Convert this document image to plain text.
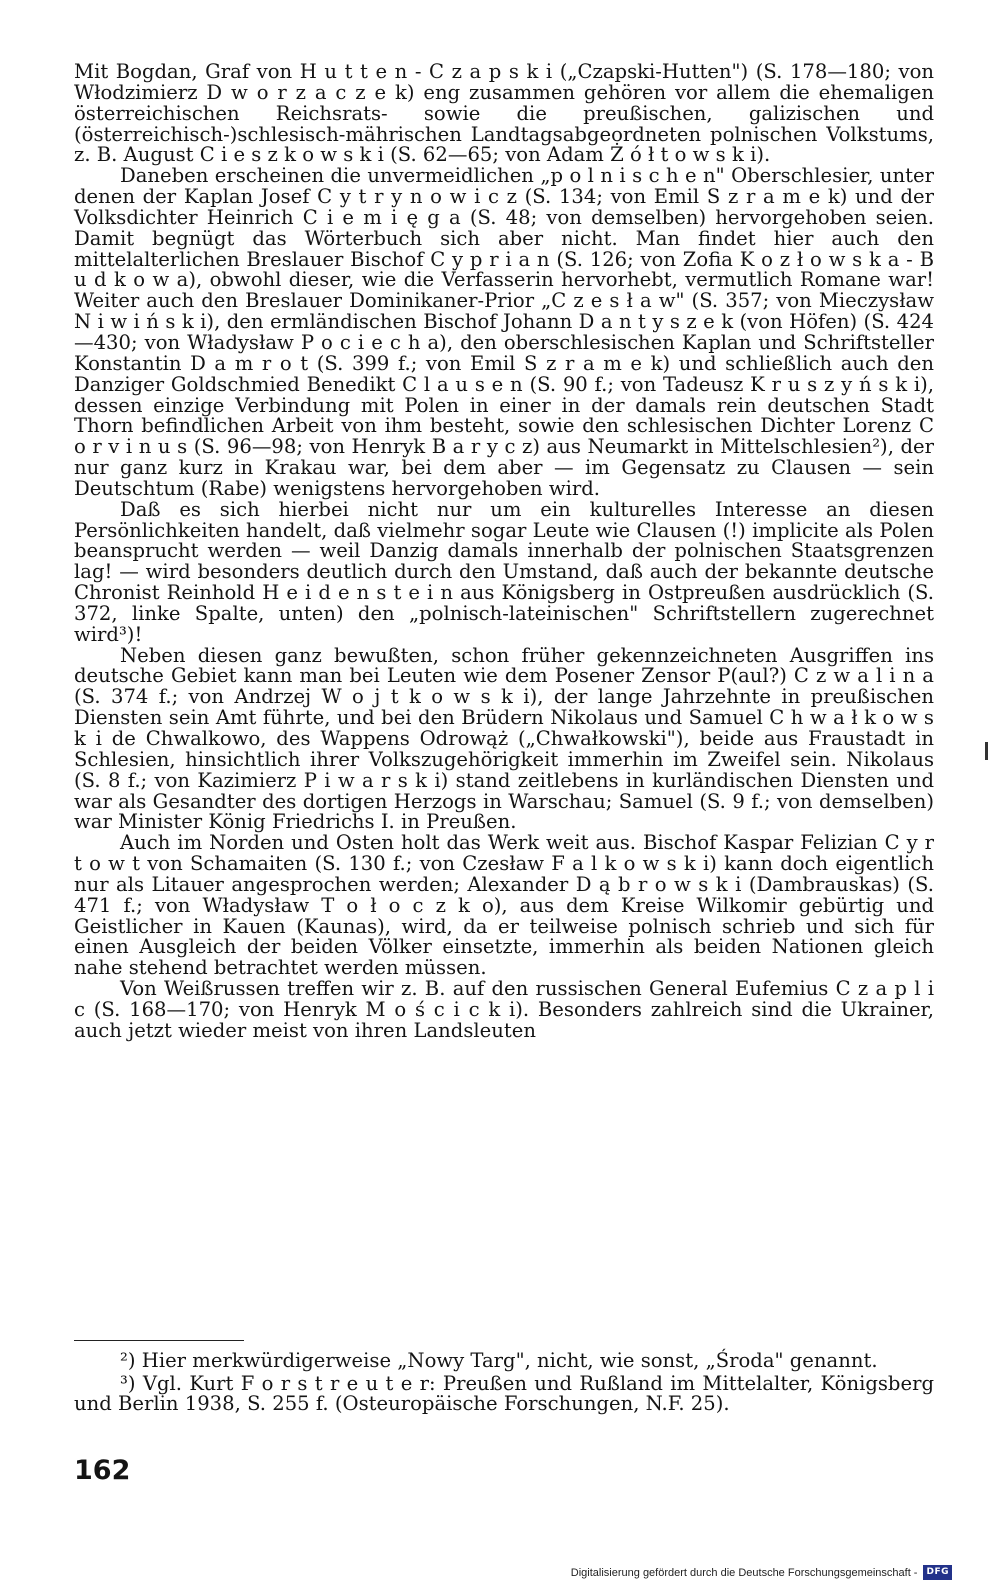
Mit Bogdan, Graf von H u t t e n - C z a p s k i („Czapski-Hutten") (S. 178—180; von Włodzimierz D w o r z a c z e k) eng zusammen gehören vor allem die ehemaligen österreichischen Reichsrats- sowie die preußischen, galizischen und (österreichisch-)schlesisch-mährischen Landtagsabgeordneten polnischen Volkstums, z. B. August C i e s z k o w s k i (S. 62—65; von Adam Ż ó ł t o w s k i).

Daneben erscheinen die unvermeidlichen „p o l n i s c h e n" Oberschlesier, unter denen der Kaplan Josef C y t r y n o w i c z (S. 134; von Emil S z r a m e k) und der Volksdichter Heinrich C i e m i ę g a (S. 48; von demselben) hervorgehoben seien. Damit begnügt das Wörterbuch sich aber nicht. Man findet hier auch den mittelalterlichen Breslauer Bischof C y p r i a n (S. 126; von Zofia K o z ł o w s k a - B u d k o w a), obwohl dieser, wie die Verfasserin hervorhebt, vermutlich Romane war! Weiter auch den Breslauer Dominikaner-Prior „C z e s ł a w" (S. 357; von Mieczysław N i w i ń s k i), den ermländischen Bischof Johann D a n t y s z e k (von Höfen) (S. 424—430; von Władysław P o c i e c h a), den oberschlesischen Kaplan und Schriftsteller Konstantin D a m r o t (S. 399 f.; von Emil S z r a m e k) und schließlich auch den Danziger Goldschmied Benedikt C l a u s e n (S. 90 f.; von Tadeusz K r u s z y ń s k i), dessen einzige Verbindung mit Polen in einer in der damals rein deutschen Stadt Thorn befindlichen Arbeit von ihm besteht, sowie den schlesischen Dichter Lorenz C o r v i n u s (S. 96—98; von Henryk B a r y c z) aus Neumarkt in Mittelschlesien²), der nur ganz kurz in Krakau war, bei dem aber — im Gegensatz zu Clausen — sein Deutschtum (Rabe) wenigstens hervorgehoben wird.

Daß es sich hierbei nicht nur um ein kulturelles Interesse an diesen Persönlichkeiten handelt, daß vielmehr sogar Leute wie Clausen (!) implicite als Polen beansprucht werden — weil Danzig damals innerhalb der polnischen Staatsgrenzen lag! — wird besonders deutlich durch den Umstand, daß auch der bekannte deutsche Chronist Reinhold H e i d e n s t e i n aus Königsberg in Ostpreußen ausdrücklich (S. 372, linke Spalte, unten) den „polnisch-lateinischen" Schriftstellern zugerechnet wird³)!

Neben diesen ganz bewußten, schon früher gekennzeichneten Ausgriffen ins deutsche Gebiet kann man bei Leuten wie dem Posener Zensor P(aul?) C z w a l i n a (S. 374 f.; von Andrzej W o j t k o w s k i), der lange Jahrzehnte in preußischen Diensten sein Amt führte, und bei den Brüdern Nikolaus und Samuel C h w a ł k o w s k i de Chwalkowo, des Wappens Odrowąż („Chwałkowski"), beide aus Fraustadt in Schlesien, hinsichtlich ihrer Volkszugehörigkeit immerhin im Zweifel sein. Nikolaus (S. 8 f.; von Kazimierz P i w a r s k i) stand zeitlebens in kurländischen Diensten und war als Gesandter des dortigen Herzogs in Warschau; Samuel (S. 9 f.; von demselben) war Minister König Friedrichs I. in Preußen.

Auch im Norden und Osten holt das Werk weit aus. Bischof Kaspar Felizian C y r t o w t von Schamaiten (S. 130 f.; von Czesław F a l k o w s k i) kann doch eigentlich nur als Litauer angesprochen werden; Alexander D ą b r o w s k i (Dambrauskas) (S. 471 f.; von Władysław T o ł o c z k o), aus dem Kreise Wilkomir gebürtig und Geistlicher in Kauen (Kaunas), wird, da er teilweise polnisch schrieb und sich für einen Ausgleich der beiden Völker einsetzte, immerhin als beiden Nationen gleich nahe stehend betrachtet werden müssen.

Von Weißrussen treffen wir z. B. auf den russischen General Eufemius C z a p l i c (S. 168—170; von Henryk M o ś c i c k i). Besonders zahlreich sind die Ukrainer, auch jetzt wieder meist von ihren Landsleuten

²) Hier merkwürdigerweise „Nowy Targ", nicht, wie sonst, „Środa" genannt.

³) Vgl. Kurt F o r s t r e u t e r: Preußen und Rußland im Mittelalter, Königsberg und Berlin 1938, S. 255 f. (Osteuropäische Forschungen, N.F. 25).

162
Digitalisierung gefördert durch die Deutsche Forschungsgemeinschaft -	DFG
